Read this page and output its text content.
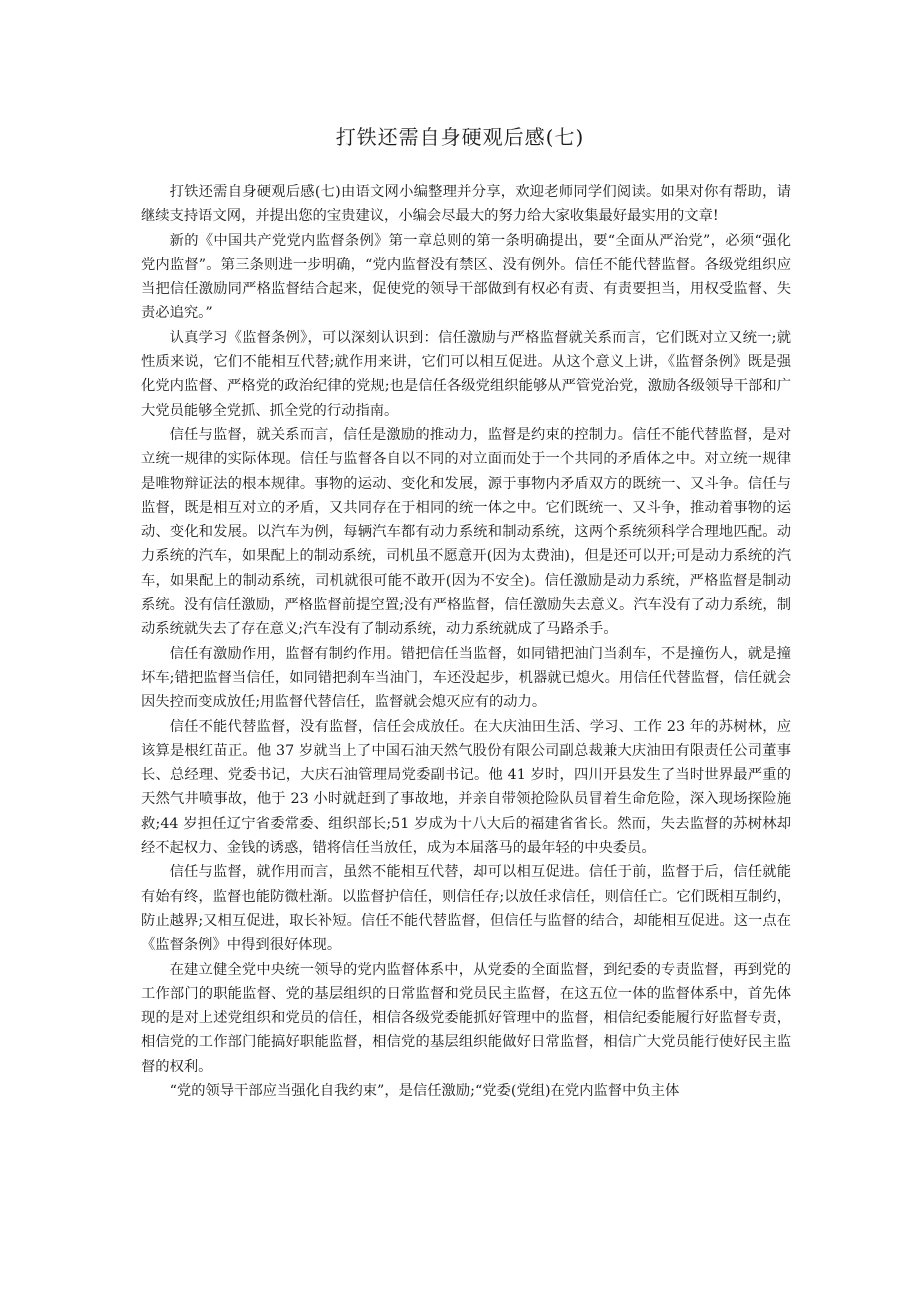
打铁还需自身硬观后感(七)

打铁还需自身硬观后感(七)由语文网小编整理并分享，欢迎老师同学们阅读。如果对你有帮助，请继续支持语文网，并提出您的宝贵建议，小编会尽最大的努力给大家收集最好最实用的文章!

新的《中国共产党党内监督条例》第一章总则的第一条明确提出，要“全面从严治党”，必须“强化党内监督”。第三条则进一步明确，“党内监督没有禁区、没有例外。信任不能代替监督。各级党组织应当把信任激励同严格监督结合起来，促使党的领导干部做到有权必有责、有责要担当，用权受监督、失责必追究。”

认真学习《监督条例》，可以深刻认识到：信任激励与严格监督就关系而言，它们既对立又统一;就性质来说，它们不能相互代替;就作用来讲，它们可以相互促进。从这个意义上讲，《监督条例》既是强化党内监督、严格党的政治纪律的党规;也是信任各级党组织能够从严管党治党，激励各级领导干部和广大党员能够全党抓、抓全党的行动指南。

信任与监督，就关系而言，信任是激励的推动力，监督是约束的控制力。信任不能代替监督，是对立统一规律的实际体现。信任与监督各自以不同的对立面而处于一个共同的矛盾体之中。对立统一规律是唯物辩证法的根本规律。事物的运动、变化和发展，源于事物内矛盾双方的既统一、又斗争。信任与监督，既是相互对立的矛盾，又共同存在于相同的统一体之中。它们既统一、又斗争，推动着事物的运动、变化和发展。以汽车为例，每辆汽车都有动力系统和制动系统，这两个系统须科学合理地匹配。动力系统的汽车，如果配上的制动系统，司机虽不愿意开(因为太费油)，但是还可以开;可是动力系统的汽车，如果配上的制动系统，司机就很可能不敢开(因为不安全)。信任激励是动力系统，严格监督是制动系统。没有信任激励，严格监督前提空置;没有严格监督，信任激励失去意义。汽车没有了动力系统，制动系统就失去了存在意义;汽车没有了制动系统，动力系统就成了马路杀手。

信任有激励作用，监督有制约作用。错把信任当监督，如同错把油门当刹车，不是撞伤人，就是撞坏车;错把监督当信任，如同错把刹车当油门，车还没起步，机器就已熄火。用信任代替监督，信任就会因失控而变成放任;用监督代替信任，监督就会熄灭应有的动力。

信任不能代替监督，没有监督，信任会成放任。在大庆油田生活、学习、工作 23 年的苏树林，应该算是根红苗正。他 37 岁就当上了中国石油天然气股份有限公司副总裁兼大庆油田有限责任公司董事长、总经理、党委书记，大庆石油管理局党委副书记。他 41 岁时，四川开县发生了当时世界最严重的天然气井喷事故，他于 23 小时就赶到了事故地，并亲自带领抢险队员冒着生命危险，深入现场探险施救;44 岁担任辽宁省委常委、组织部长;51 岁成为十八大后的福建省省长。然而，失去监督的苏树林却经不起权力、金钱的诱惑，错将信任当放任，成为本届落马的最年轻的中央委员。

信任与监督，就作用而言，虽然不能相互代替，却可以相互促进。信任于前，监督于后，信任就能有始有终，监督也能防微杜渐。以监督护信任，则信任存;以放任求信任，则信任亡。它们既相互制约，防止越界;又相互促进，取长补短。信任不能代替监督，但信任与监督的结合，却能相互促进。这一点在《监督条例》中得到很好体现。

在建立健全党中央统一领导的党内监督体系中，从党委的全面监督，到纪委的专责监督，再到党的工作部门的职能监督、党的基层组织的日常监督和党员民主监督，在这五位一体的监督体系中，首先体现的是对上述党组织和党员的信任，相信各级党委能抓好管理中的监督，相信纪委能履行好监督专责，相信党的工作部门能搞好职能监督，相信党的基层组织能做好日常监督，相信广大党员能行使好民主监督的权利。

“党的领导干部应当强化自我约束”，是信任激励;“党委(党组)在党内监督中负主体
